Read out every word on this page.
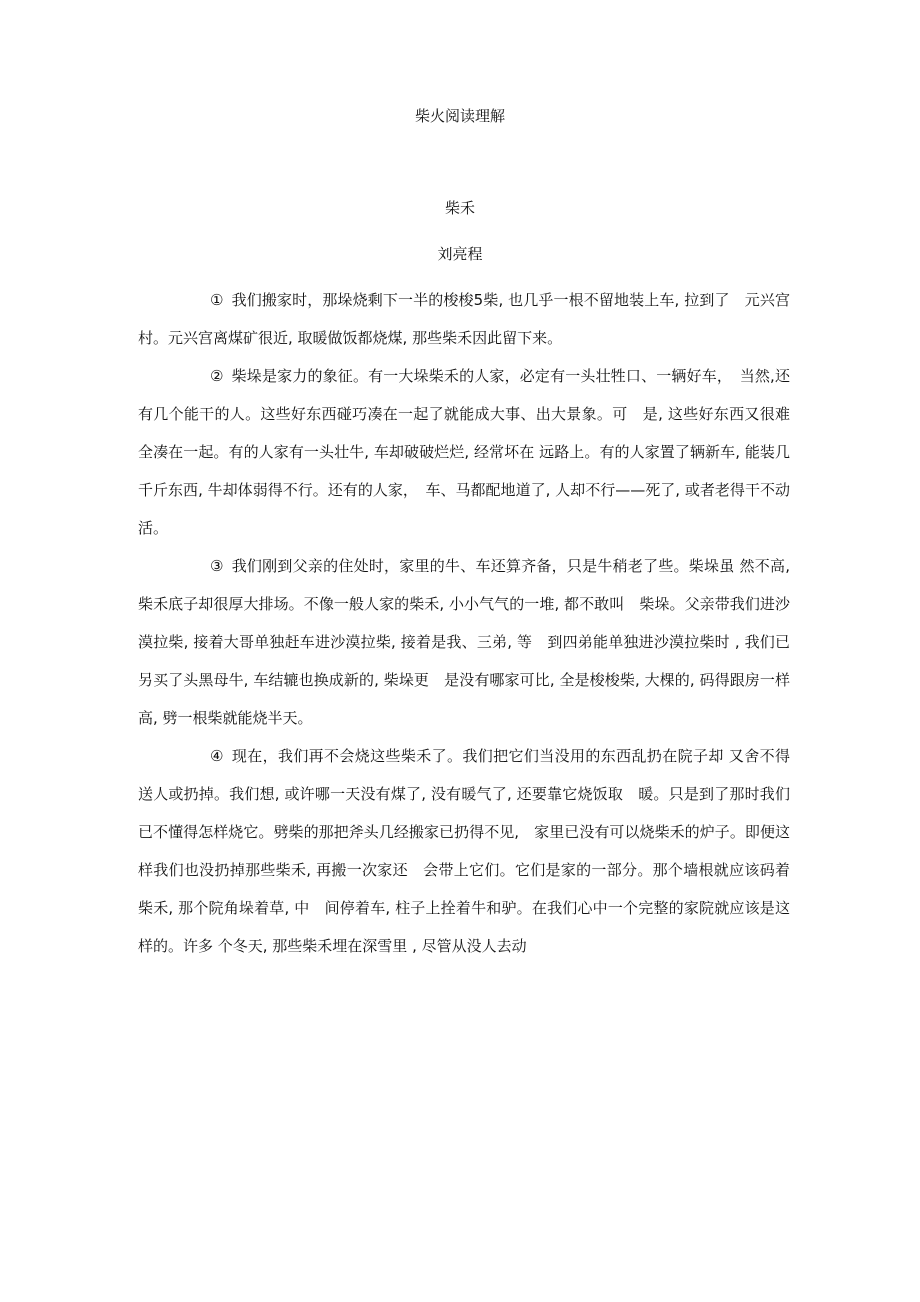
柴火阅读理解
柴禾

刘亮程

① 我们搬家时，那垛烧剩下一半的梭梭5柴, 也几乎一根不留地装上车, 拉到了　元兴宫村。元兴宫离煤矿很近, 取暖做饭都烧煤, 那些柴禾因此留下来。

② 柴垛是家力的象征。有一大垛柴禾的人家，必定有一头壮牲口、一辆好车，　当然,还有几个能干的人。这些好东西碰巧凑在一起了就能成大事、出大景象。可　是, 这些好东西又很难全凑在一起。有的人家有一头壮牛, 车却破破烂烂, 经常坏在 远路上。有的人家置了辆新车, 能装几千斤东西, 牛却体弱得不行。还有的人家，　车、马都配地道了, 人却不行——死了, 或者老得干不动活。

③ 我们刚到父亲的住处时，家里的牛、车还算齐备，只是牛稍老了些。柴垛虽 然不高, 柴禾底子却很厚大排场。不像一般人家的柴禾, 小小气气的一堆, 都不敢叫　柴垛。父亲带我们进沙漠拉柴, 接着大哥单独赶车进沙漠拉柴, 接着是我、三弟, 等　到四弟能单独进沙漠拉柴时 , 我们已另买了头黑母牛, 车结辘也换成新的, 柴垛更　是没有哪家可比, 全是梭梭柴, 大棵的, 码得跟房一样高, 劈一根柴就能烧半天。

④ 现在，我们再不会烧这些柴禾了。我们把它们当没用的东西乱扔在院子却 又舍不得送人或扔掉。我们想, 或许哪一天没有煤了, 没有暖气了, 还要靠它烧饭取　暖。只是到了那时我们已不懂得怎样烧它。劈柴的那把斧头几经搬家已扔得不见,　家里已没有可以烧柴禾的炉子。即便这样我们也没扔掉那些柴禾, 再搬一次家还　会带上它们。它们是家的一部分。那个墙根就应该码着柴禾, 那个院角垛着草, 中　间停着车, 柱子上拴着牛和驴。在我们心中一个完整的家院就应该是这样的。许多 个冬天, 那些柴禾埋在深雪里 , 尽管从没人去动
